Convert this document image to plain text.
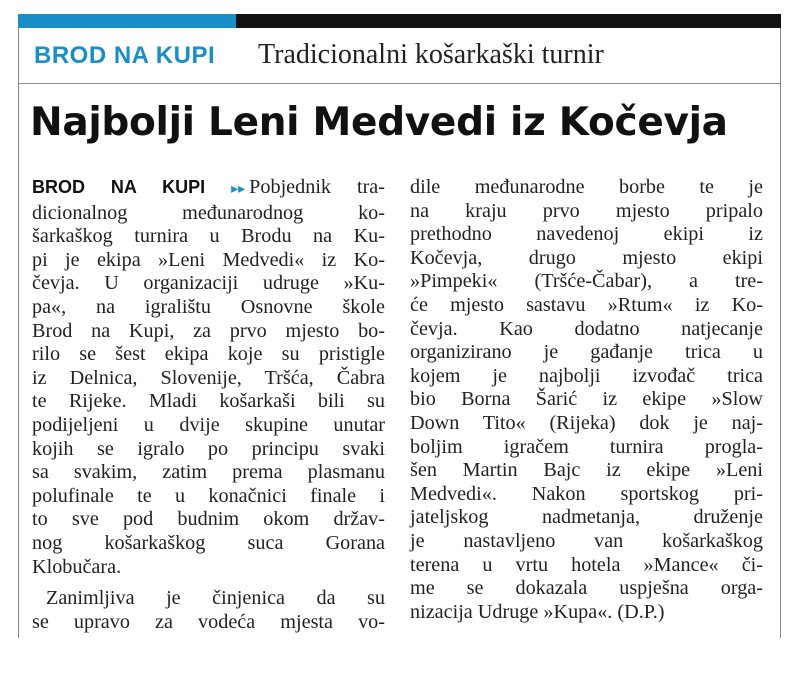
BROD NA KUPI Tradicionalni košarkaški turnir
Najbolji Leni Medvedi iz Kočevja
BROD NA KUPI ▸▸ Pobjednik tra-
dicionalnog međunarodnog ko-
šarkaškog turnira u Brodu na Ku-
pi je ekipa »Leni Medvedi« iz Ko-
čevja. U organizaciji udruge »Ku-
pa«, na igralištu Osnovne škole
Brod na Kupi, za prvo mjesto bo-
rilo se šest ekipa koje su pristigle
iz Delnica, Slovenije, Tršća, Čabra
te Rijeke. Mladi košarkaši bili su
podijeljeni u dvije skupine unutar
kojih se igralo po principu svaki
sa svakim, zatim prema plasmanu
polufinale te u konačnici finale i
to sve pod budnim okom držav-
nog košarkaškog suca Gorana
Klobučara.
Zanimljiva je činjenica da su
se upravo za vodeća mjesta vo-
dile međunarodne borbe te je
na kraju prvo mjesto pripalo
prethodno navedenoj ekipi iz
Kočevja, drugo mjesto ekipi
»Pimpeki« (Tršće-Čabar), a tre-
će mjesto sastavu »Rtum« iz Ko-
čevja. Kao dodatno natjecanje
organizirano je gađanje trica u
kojem je najbolji izvođač trica
bio Borna Šarić iz ekipe »Slow
Down Tito« (Rijeka) dok je naj-
boljim igračem turnira progla-
šen Martin Bajc iz ekipe »Leni
Medvedi«. Nakon sportskog pri-
jateljskog nadmetanja, druženje
je nastavljeno van košarkaškog
terena u vrtu hotela »Mance« či-
me se dokazala uspješna orga-
nizacija Udruge »Kupa«. (D.P.)
